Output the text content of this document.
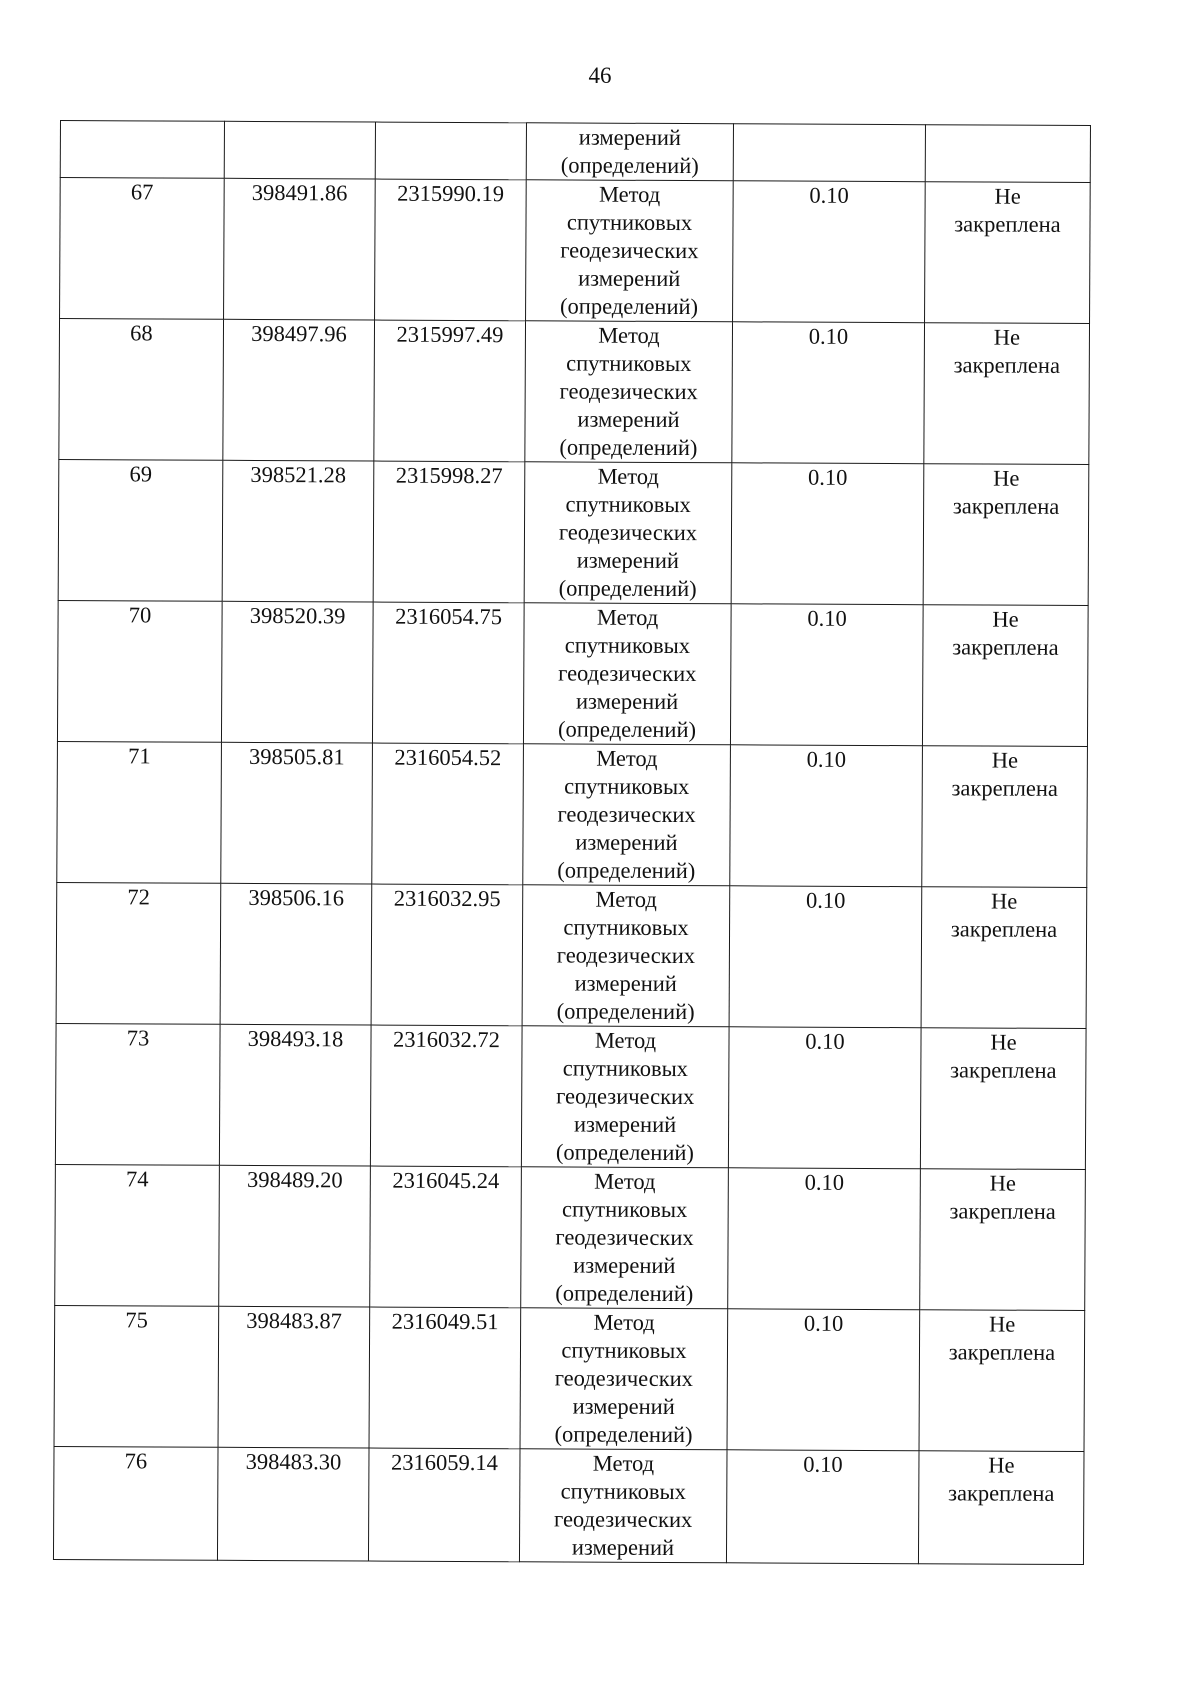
46

			измерений
(определений)		

67	398491.86	2315990.19	Метод
спутниковых
геодезических
измерений
(определений)	0.10	Не
закреплена

68	398497.96	2315997.49	Метод
спутниковых
геодезических
измерений
(определений)	0.10	Не
закреплена

69	398521.28	2315998.27	Метод
спутниковых
геодезических
измерений
(определений)	0.10	Не
закреплена

70	398520.39	2316054.75	Метод
спутниковых
геодезических
измерений
(определений)	0.10	Не
закреплена

71	398505.81	2316054.52	Метод
спутниковых
геодезических
измерений
(определений)	0.10	Не
закреплена

72	398506.16	2316032.95	Метод
спутниковых
геодезических
измерений
(определений)	0.10	Не
закреплена

73	398493.18	2316032.72	Метод
спутниковых
геодезических
измерений
(определений)	0.10	Не
закреплена

74	398489.20	2316045.24	Метод
спутниковых
геодезических
измерений
(определений)	0.10	Не
закреплена

75	398483.87	2316049.51	Метод
спутниковых
геодезических
измерений
(определений)	0.10	Не
закреплена

76	398483.30	2316059.14	Метод
спутниковых
геодезических
измерений	0.10	Не
закреплена
